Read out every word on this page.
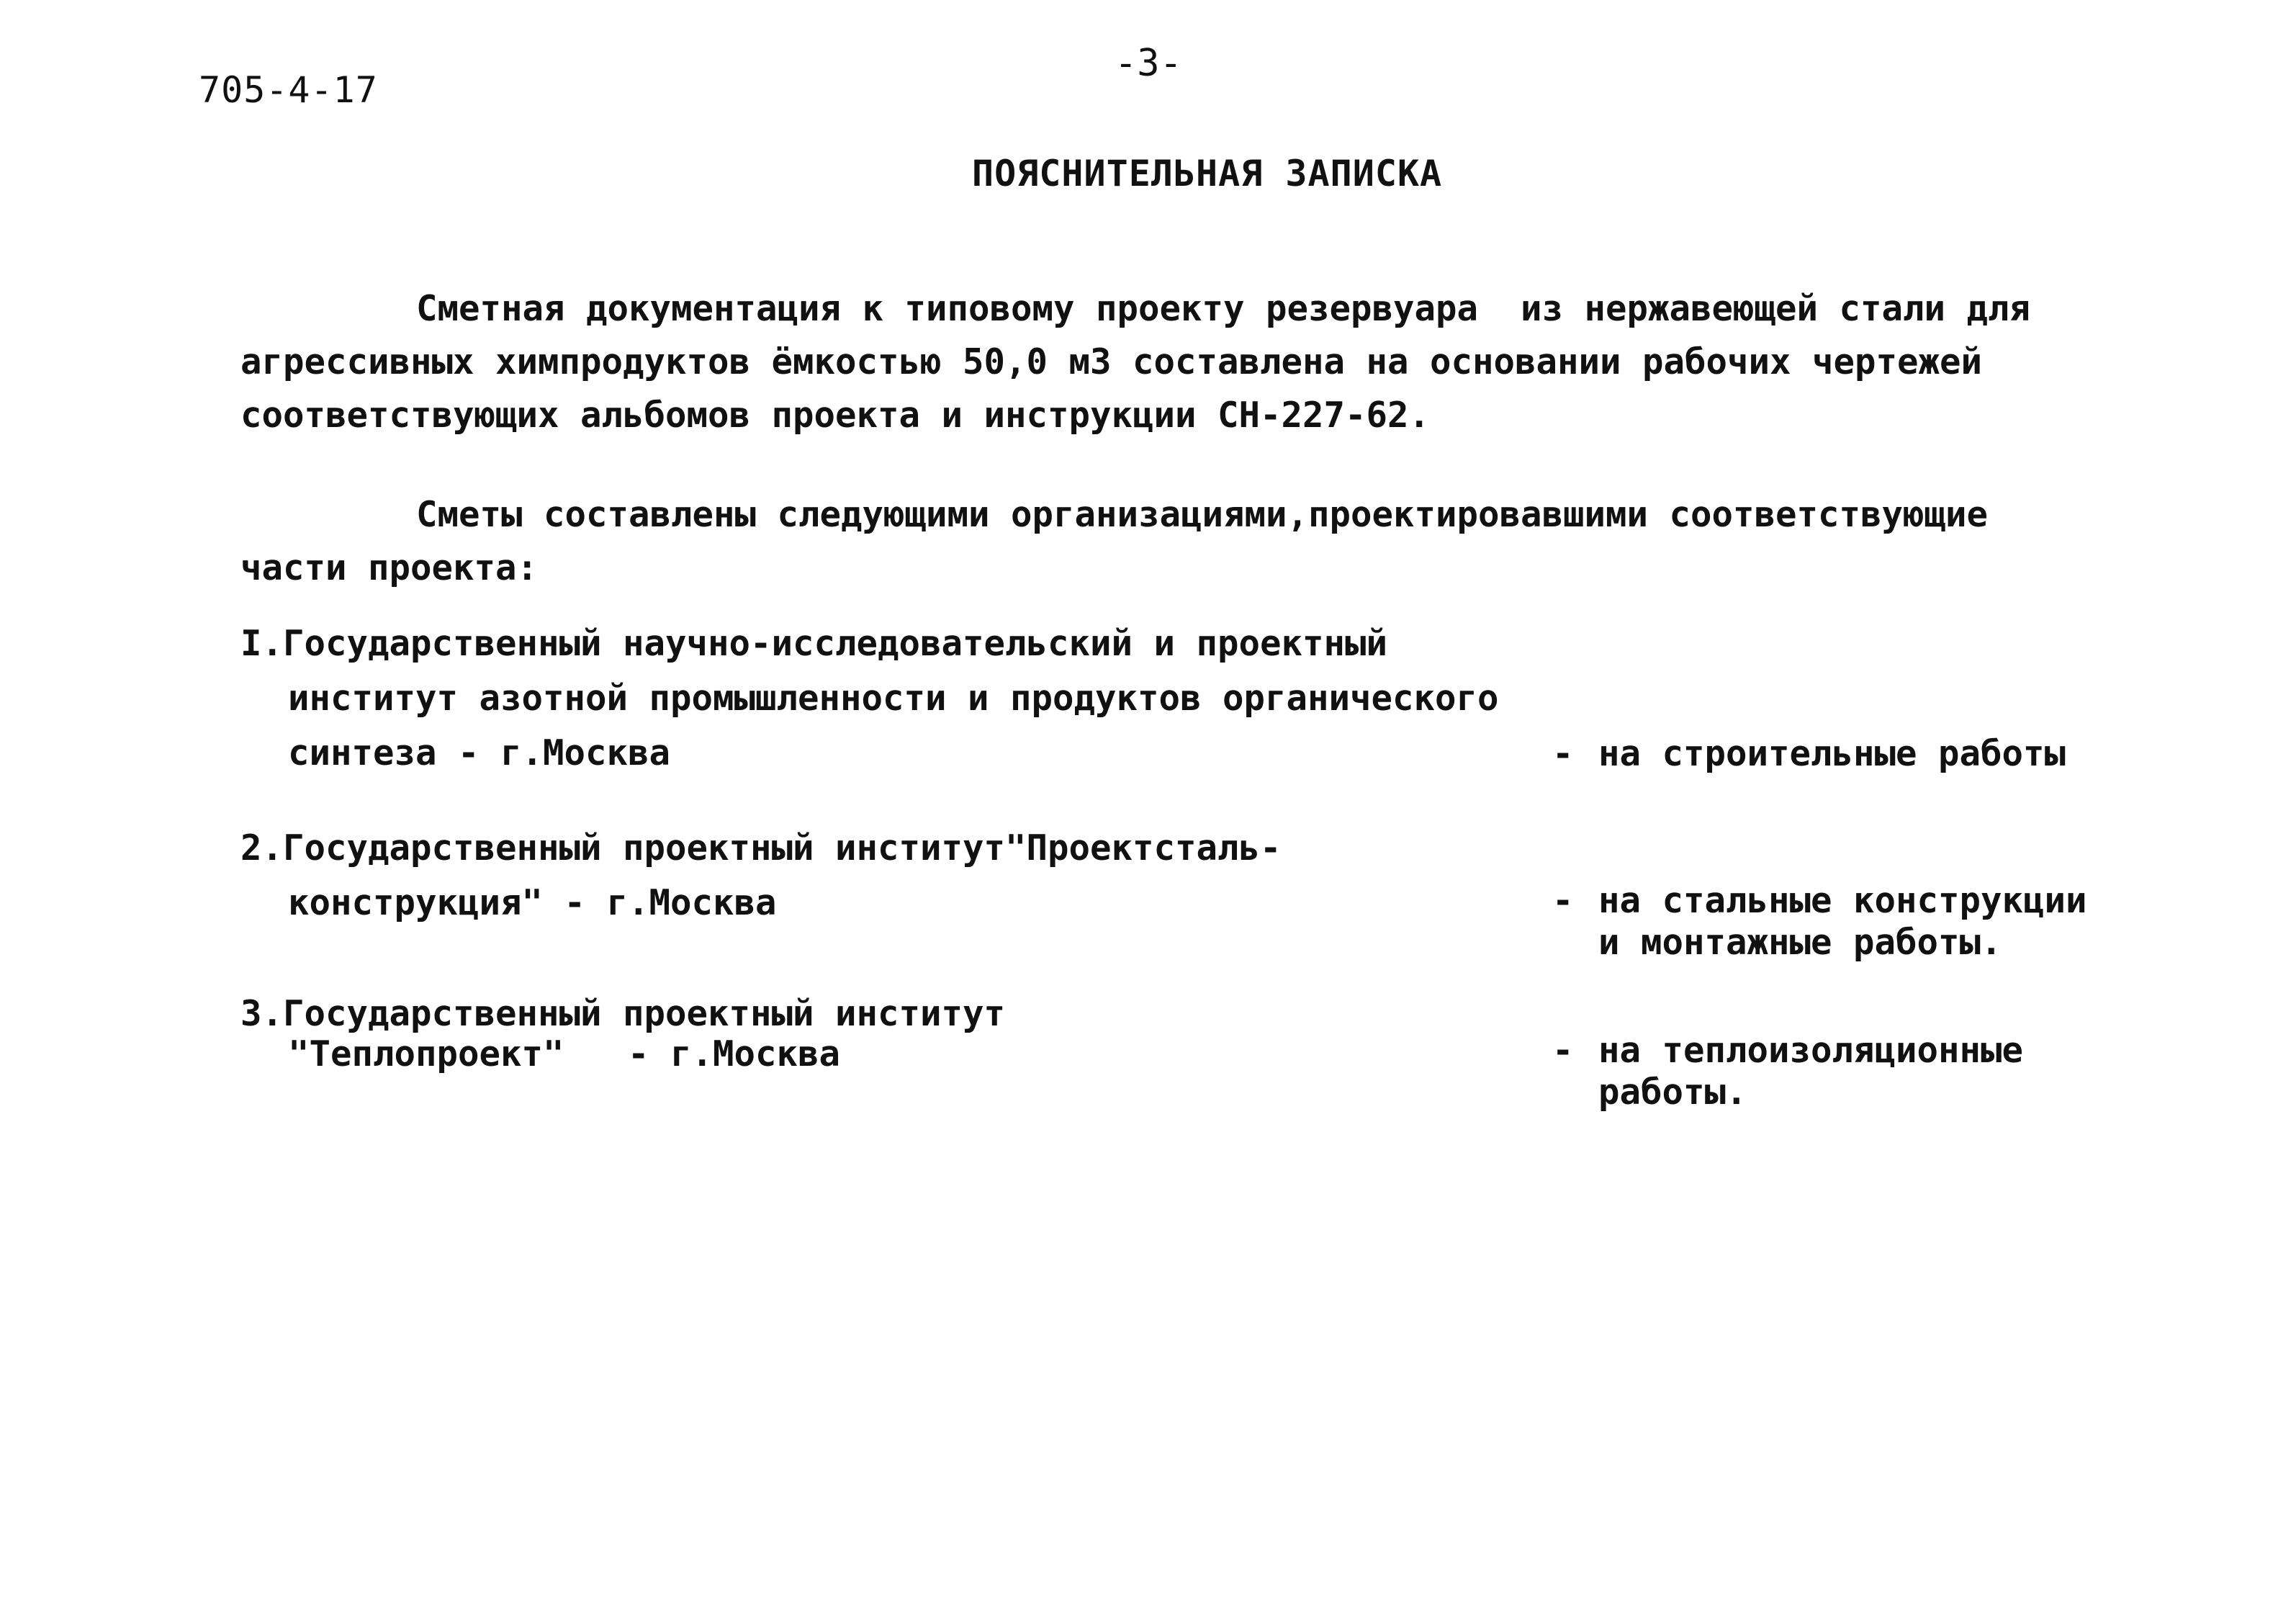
705-4-17
-3-
ПОЯСНИТЕЛЬНАЯ ЗАПИСКА
Сметная документация к типовому проекту резервуара  из нержавеющей стали для
агрессивных химпродуктов ёмкостью 50,0 м3 составлена на основании рабочих чертежей
соответствующих альбомов проекта и инструкции СН-227-62.
Сметы составлены следующими организациями,проектировавшими соответствующие
части проекта:
I.Государственный научно-исследовательский и проектный
институт азотной промышленности и продуктов органического
синтеза - г.Москва	- на строительные работы
2.Государственный проектный институт"Проектсталь-
конструкция" - г.Москва	- на стальные конструкции
и монтажные работы.
3.Государственный проектный институт
"Теплопроект"   - г.Москва	- на теплоизоляционные
работы.
